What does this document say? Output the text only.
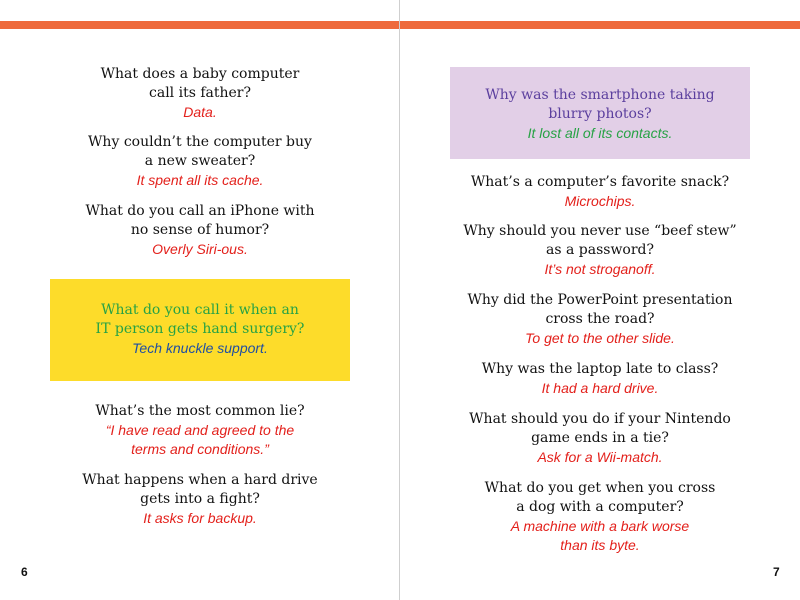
What does a baby computer
call its father?
Data.
Why couldn’t the computer buy
a new sweater?
It spent all its cache.
What do you call an iPhone with
no sense of humor?
Overly Siri-ous.
What do you call it when an
IT person gets hand surgery?
Tech knuckle support.
What’s the most common lie?
“I have read and agreed to the
terms and conditions.”
What happens when a hard drive
gets into a fight?
It asks for backup.
6
Why was the smartphone taking
blurry photos?
It lost all of its contacts.
What’s a computer’s favorite snack?
Microchips.
Why should you never use “beef stew”
as a password?
It’s not stroganoff.
Why did the PowerPoint presentation
cross the road?
To get to the other slide.
Why was the laptop late to class?
It had a hard drive.
What should you do if your Nintendo
game ends in a tie?
Ask for a Wii-match.
What do you get when you cross
a dog with a computer?
A machine with a bark worse
than its byte.
7
